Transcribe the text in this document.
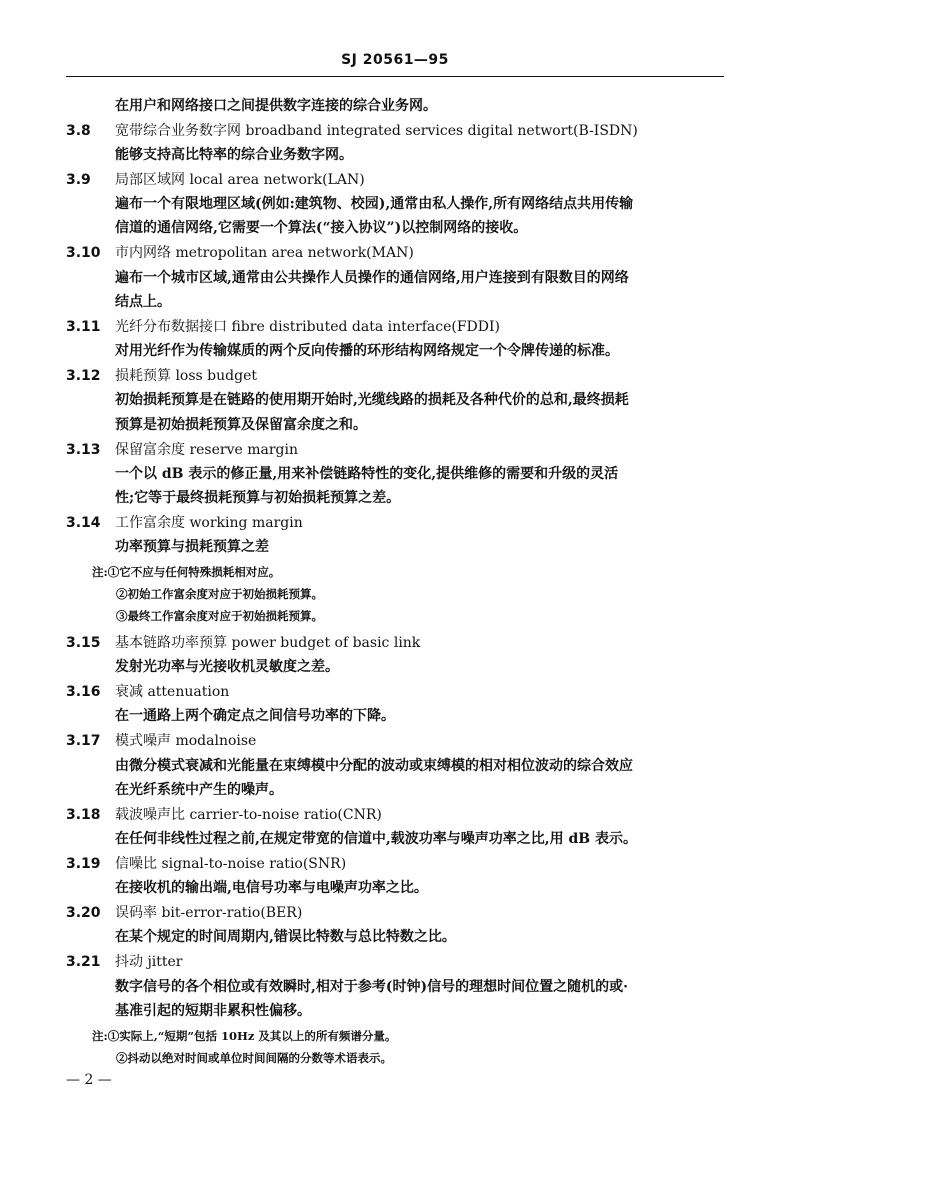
SJ 20561—95
在用户和网络接口之间提供数字连接的综合业务网。
3.8 宽带综合业务数字网 broadband integrated services digital networt(B-ISDN)
能够支持高比特率的综合业务数字网。
3.9 局部区域网 local area network(LAN)
遍布一个有限地理区域(例如:建筑物、校园),通常由私人操作,所有网络结点共用传输
信道的通信网络,它需要一个算法(“接入协议”)以控制网络的接收。
3.10 市内网络 metropolitan area network(MAN)
遍布一个城市区域,通常由公共操作人员操作的通信网络,用户连接到有限数目的网络
结点上。
3.11 光纤分布数据接口 fibre distributed data interface(FDDI)
对用光纤作为传输媒质的两个反向传播的环形结构网络规定一个令牌传递的标准。
3.12 损耗预算 loss budget
初始损耗预算是在链路的使用期开始时,光缆线路的损耗及各种代价的总和,最终损耗
预算是初始损耗预算及保留富余度之和。
3.13 保留富余度 reserve margin
一个以 dB 表示的修正量,用来补偿链路特性的变化,提供维修的需要和升级的灵活
性;它等于最终损耗预算与初始损耗预算之差。
3.14 工作富余度 working margin
功率预算与损耗预算之差
注:①它不应与任何特殊损耗相对应。
②初始工作富余度对应于初始损耗预算。
③最终工作富余度对应于初始损耗预算。
3.15 基本链路功率预算 power budget of basic link
发射光功率与光接收机灵敏度之差。
3.16 衰减 attenuation
在一通路上两个确定点之间信号功率的下降。
3.17 模式噪声 modalnoise
由微分模式衰减和光能量在束缚模中分配的波动或束缚模的相对相位波动的综合效应
在光纤系统中产生的噪声。
3.18 载波噪声比 carrier-to-noise ratio(CNR)
在任何非线性过程之前,在规定带宽的信道中,载波功率与噪声功率之比,用 dB 表示。
3.19 信噪比 signal-to-noise ratio(SNR)
在接收机的输出端,电信号功率与电噪声功率之比。
3.20 误码率 bit-error-ratio(BER)
在某个规定的时间周期内,错误比特数与总比特数之比。
3.21 抖动 jitter
数字信号的各个相位或有效瞬时,相对于参考(时钟)信号的理想时间位置之随机的或·
基准引起的短期非累积性偏移。
注:①实际上,“短期”包括 10Hz 及其以上的所有频谱分量。
②抖动以绝对时间或单位时间间隔的分数等术语表示。
— 2 —
